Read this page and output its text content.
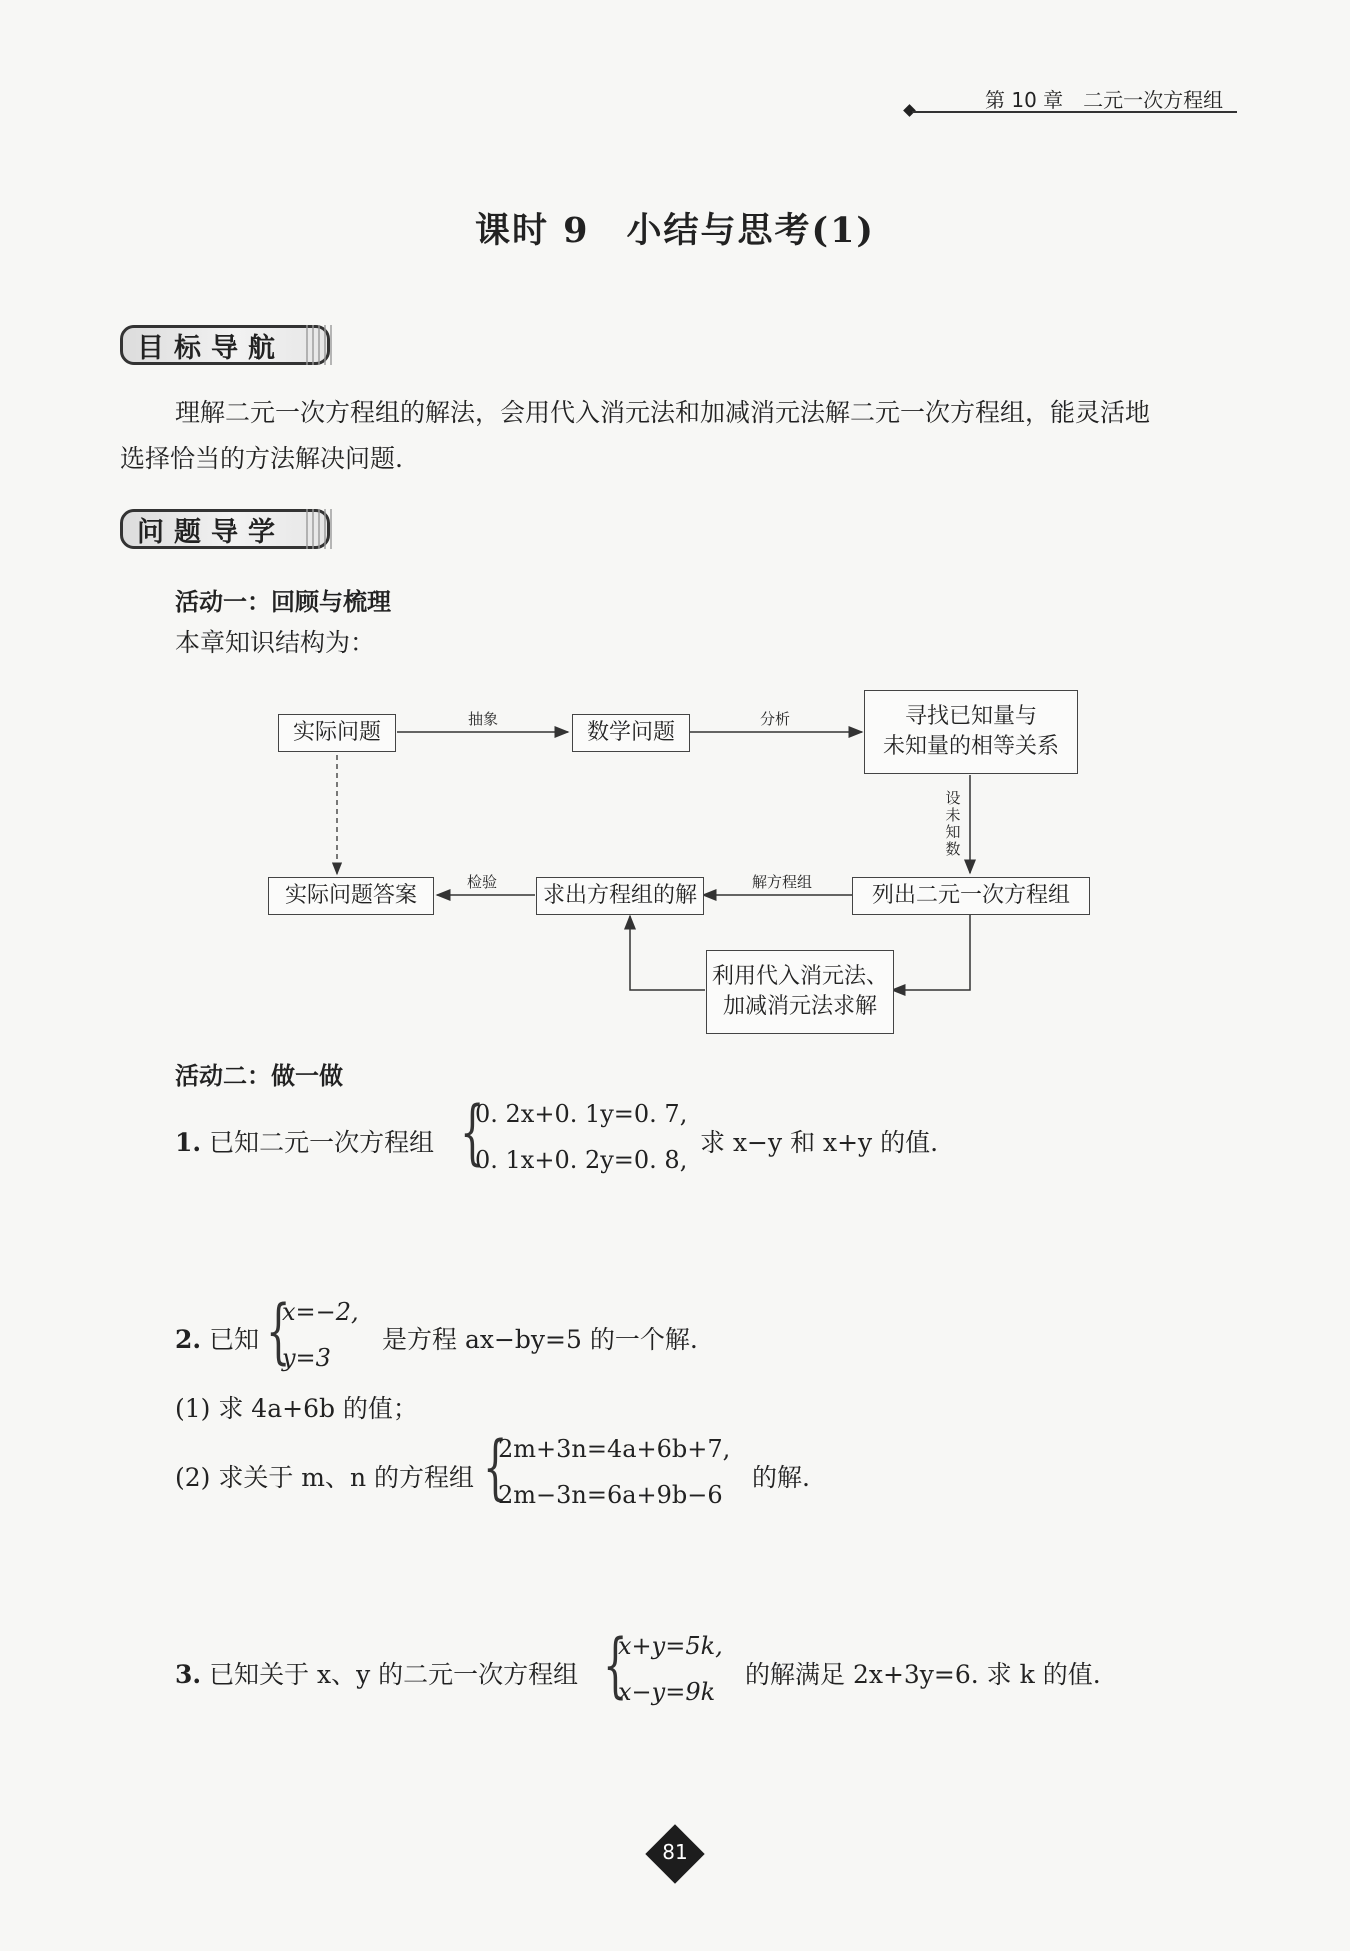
第 10 章　二元一次方程组
课时 9　小结与思考(1)
目标导航
理解二元一次方程组的解法，会用代入消元法和加减消元法解二元一次方程组，能灵活地
选择恰当的方法解决问题.
问题导学
活动一：回顾与梳理
本章知识结构为：
实际问题	数学问题
寻找已知量与
未知量的相等关系
实际问题答案	求出方程组的解	列出二元一次方程组
利用代入消元法、
加减消元法求解
抽象	分析
设
未
知
数
检验	解方程组
活动二：做一做
1. 已知二元一次方程组 {
0. 2x+0. 1y=0. 7,
0. 1x+0. 2y=0. 8,
求 x−y 和 x+y 的值.
2. 已知 {
x=−2,
y=3
是方程 ax−by=5 的一个解.
(1) 求 4a+6b 的值；
(2) 求关于 m、n 的方程组 {
2m+3n=4a+6b+7,
2m−3n=6a+9b−6
的解.
3. 已知关于 x、y 的二元一次方程组 {
x+y=5k,
x−y=9k
的解满足 2x+3y=6. 求 k 的值.
81
